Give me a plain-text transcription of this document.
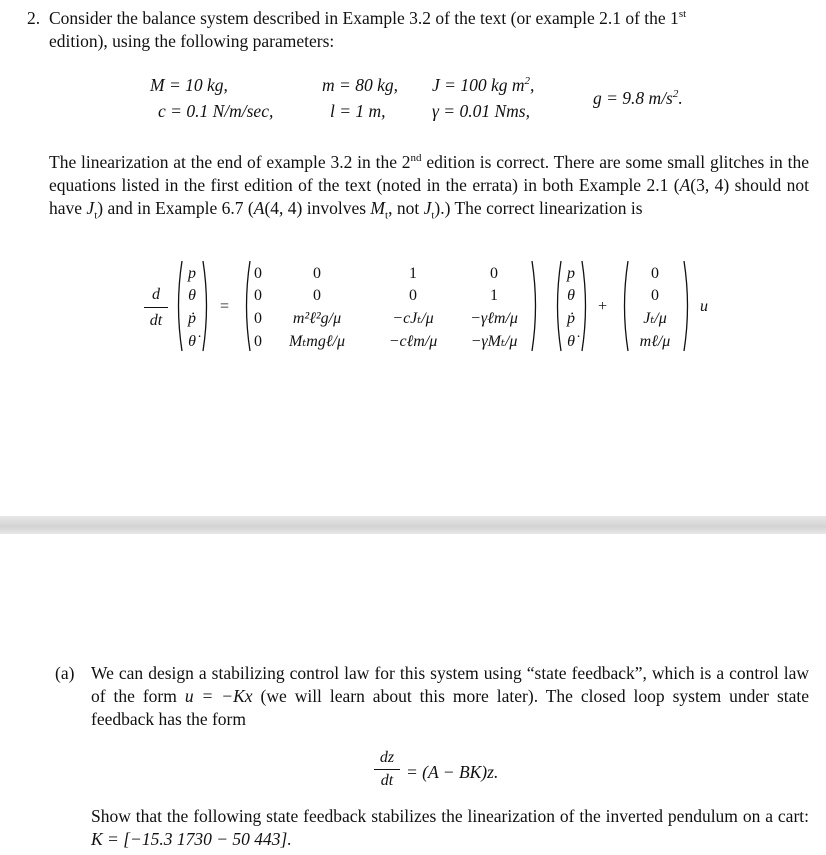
2. Consider the balance system described in Example 3.2 of the text (or example 2.1 of the 1st
edition), using the following parameters:
M = 10 kg,	m = 80 kg, J = 100 kg $m^2$,
c = 0.1 N/m/sec,	l = 1 m,	γ = 0.01 Nms,
g = 9.8 $m/s^2$.
The linearization at the end of example 3.2 in the 2nd edition is correct. There are some small glitches in the equations listed in the first edition of the text (noted in the errata) in both Example 2.1 (A(3, 4) should not have $J_t$) and in Example 6.7 (A(4, 4) involves $M_t$, not $J_t$).) The correct linearization is
d
dt
p
θ
ṗ
θ̇
=
0	0	1	0
0	0	0	1
0	m²ℓ²g/μ	−cJₜ/μ	−γℓm/μ
0	Mₜmgℓ/μ	−cℓm/μ	−γMₜ/μ
p
θ
ṗ
θ̇
+
0
0
Jₜ/μ
mℓ/μ
u
(a) We can design a stabilizing control law for this system using “state feedback”, which is a control law of the form u = −Kx (we will learn about this more later). The closed loop system under state feedback has the form
dz
dt = (A − BK)z.
Show that the following state feedback stabilizes the linearization of the inverted pendulum on a cart: K = [−15.3 1730 − 50 443].
